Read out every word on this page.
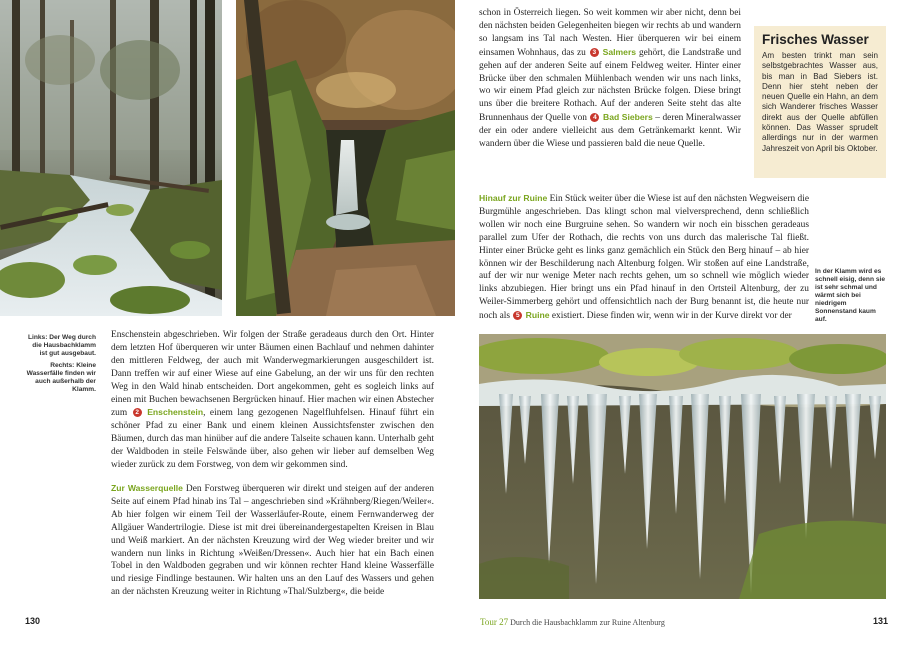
Links: Der Weg durch die Hausbachklamm ist gut ausgebaut.

Rechts: Kleine Wasserfälle finden wir auch außerhalb der Klamm.

Enschenstein abgeschrieben. Wir folgen der Straße geradeaus durch den Ort. Hinter dem letzten Hof überqueren wir unter Bäumen einen Bachlauf und nehmen dahinter den mittleren Feldweg, der auch mit Wanderwegmarkierungen ausgeschildert ist. Dann treffen wir auf einer Wiese auf eine Gabelung, an der wir uns für den rechten Weg in den Wald hinab entscheiden. Dort angekommen, geht es sogleich links auf einen mit Buchen bewachsenen Bergrücken hinauf. Hier machen wir einen Abstecher zum 2 Enschenstein, einem lang gezogenen Nagelfluhfelsen. Hinauf führt ein schöner Pfad zu einer Bank und einem kleinen Aussichtsfenster zwischen den Bäumen, durch das man hinüber auf die andere Talseite schauen kann. Unterhalb geht der Waldboden in steile Felswände über, also gehen wir lieber auf demselben Weg wieder zurück zu dem Forstweg, von dem wir gekommen sind.

Zur Wasserquelle Den Forstweg überqueren wir direkt und steigen auf der anderen Seite auf einem Pfad hinab ins Tal – angeschrieben sind »Krähnberg/Riegen/Weiler«. Ab hier folgen wir einem Teil der Wasserläufer-Route, einem Fernwanderweg der Allgäuer Wandertrilogie. Diese ist mit drei übereinandergestapelten Kreisen in Blau und Weiß markiert. An der nächsten Kreuzung wird der Weg wieder breiter und wir wandern nun links in Richtung »Weißen/Dressen«. Auch hier hat ein Bach einen Tobel in den Waldboden gegraben und wir können rechter Hand kleine Wasserfälle und riesige Findlinge bestaunen. Wir halten uns an den Lauf des Wassers und gehen an der nächsten Kreuzung weiter in Richtung »Thal/Sulzberg«, die beide

130

schon in Österreich liegen. So weit kommen wir aber nicht, denn bei den nächsten beiden Gelegenheiten biegen wir rechts ab und wandern so langsam ins Tal nach Westen. Hier überqueren wir bei einem einsamen Wohnhaus, das zu 3 Salmers gehört, die Landstraße und gehen auf der anderen Seite auf einem Feldweg weiter. Hinter einer Brücke über den schmalen Mühlenbach wenden wir uns nach links, wo wir einem Pfad gleich zur nächsten Brücke folgen. Diese bringt uns über die breitere Rothach. Auf der anderen Seite steht das alte Brunnenhaus der Quelle von 4 Bad Siebers – deren Mineralwasser der ein oder andere vielleicht aus dem Getränkemarkt kennt. Wir wandern über die Wiese und passieren bald die neue Quelle.

Frisches Wasser
Am besten trinkt man sein selbstgebrachtes Wasser aus, bis man in Bad Siebers ist. Denn hier steht neben der neuen Quelle ein Hahn, an dem sich Wanderer frisches Wasser direkt aus der Quelle abfüllen können. Das Wasser sprudelt allerdings nur in der warmen Jahreszeit von April bis Oktober.

Hinauf zur Ruine Ein Stück weiter über die Wiese ist auf den nächsten Wegweisern die Burgmühle angeschrieben. Das klingt schon mal vielversprechend, denn schließlich wollen wir noch eine Burgruine sehen. So wandern wir noch ein bisschen geradeaus parallel zum Ufer der Rothach, die rechts von uns durch das malerische Tal fließt. Hinter einer Brücke geht es links ganz gemächlich ein Stück den Berg hinauf – ab hier können wir der Beschilderung nach Altenburg folgen. Wir stoßen auf eine Landstraße, auf der wir nur wenige Meter nach rechts gehen, um so schnell wie möglich wieder links abzubiegen. Hier bringt uns ein Pfad hinauf in den Ortsteil Altenburg, der zu Weiler-Simmerberg gehört und offensichtlich nach der Burg benannt ist, die heute nur noch als 5 Ruine existiert. Diese finden wir, wenn wir in der Kurve direkt vor der

In der Klamm wird es schnell eisig, denn sie ist sehr schmal und wärmt sich bei niedrigem Sonnenstand kaum auf.
Tour 27 Durch die Hausbachklamm zur Ruine Altenburg	131
